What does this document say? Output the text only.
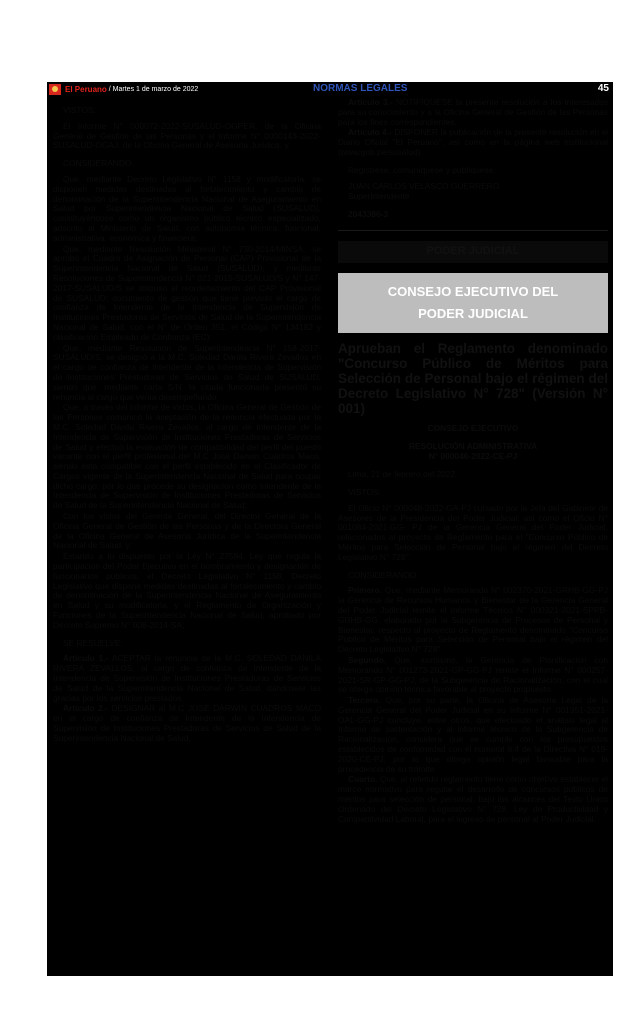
El Peruano / Martes 1 de marzo de 2022	NORMAS LEGALES	45

VISTOS:

El Informe N° 000072-2022-SUSALUD-OGPER, de la Oficina General de Gestión de las Personas y el Informe N° 0000143-2022-SUSALUD-OGAJ, de la Oficina General de Asesoría Jurídica, y;

CONSIDERANDO:

Que, mediante Decreto Legislativo N° 1158 y modificatoria, se disponen medidas destinadas al fortalecimiento y cambio de denominación de la Superintendencia Nacional de Aseguramiento en Salud por Superintendencia Nacional de Salud (SUSALUD), constituyéndose como un organismo público técnico especializado, adscrito al Ministerio de Salud, con autonomía técnica, funcional, administrativa, económica y financiera;

Que, mediante Resolución Ministerial N° 730-2014/MINSA, se aprobó el Cuadro de Asignación de Personal (CAP) Provisional de la Superintendencia Nacional de Salud (SUSALUD), y mediante Resoluciones de Superintendencia N° 021-2015-SUSALUD/S y N° 147-2017-SUSALUD/S se dispuso el reordenamiento del CAP Provisional de SUSALUD; documento de gestión que tiene previsto el cargo de confianza de Intendente de la Intendencia de Supervisión de Instituciones Prestadoras de Servicios de Salud de la Superintendencia Nacional de Salud, con el N° de Orden 351, el Código N° 134182 y clasificación Empleado de Confianza (EC);

Que, mediante Resolución de Superintendencia N° 158-2017-SUSALUD/S, se designó a la M.C. Soledad Danila Rivera Zevallos en el cargo de confianza de Intendente de la Intendencia de Supervisión de Instituciones Prestadoras de Servicios de Salud de SUSALUD; siendo que, mediante carta S/N, la citada funcionaria presentó su renuncia al cargo que venía desempeñando;

Que, a través del Informe de vistos, la Oficina General de Gestión de las Personas comunicó la aceptación de la renuncia efectuada por la M.C. Soledad Danila Rivera Zevallos, al cargo de Intendente de la Intendencia de Supervisión de Instituciones Prestadoras de Servicios de Salud y efectuó la evaluación de compatibilidad del perfil del puesto vacante con el perfil profesional del M.C José Darwin Cuadros Maco, siendo esta compatible con el perfil establecido en el Clasificador de Cargos vigente de la Superintendencia Nacional de Salud para ocupar dicho cargo; por lo que procede su designación como Intendente de la Intendencia de Supervisión de Instituciones Prestadoras de Servicios de Salud de la Superintendencia Nacional de Salud;

Con los vistos del Gerente General, del Director General de la Oficina General de Gestión de las Personas y de la Directora General de la Oficina General de Asesoría Jurídica de la Superintendencia Nacional de Salud, y;

Estando a lo dispuesto por la Ley N° 27594, Ley que regula la participación del Poder Ejecutivo en el nombramiento y designación de funcionarios públicos, el Decreto Legislativo N° 1158, Decreto Legislativo que dispone medidas destinadas al fortalecimiento y cambio de denominación de la Superintendencia Nacional de Aseguramiento en Salud y su modificatoria, y el Reglamento de Organización y Funciones de la Superintendencia Nacional de Salud, aprobado por Decreto Supremo N° 008-2014-SA;

SE RESUELVE:

Artículo 1.- ACEPTAR la renuncia de la M.C. SOLEDAD DANILA RIVERA ZEVALLOS, al cargo de confianza de Intendente de la Intendencia de Supervisión de Instituciones Prestadoras de Servicios de Salud de la Superintendencia Nacional de Salud, dándosele las gracias por los servicios prestados.

Artículo 2.- DESIGNAR al M.C JOSÉ DARWIN CUADROS MACO en el cargo de confianza de Intendente de la Intendencia de Supervisión de Instituciones Prestadoras de Servicios de Salud de la Superintendencia Nacional de Salud.

Artículo 3.- NOTIFÍQUESE la presente resolución a los interesados para su conocimiento y a la Oficina General de Gestión de las Personas para los fines correspondientes.

Artículo 4.- DISPONER la publicación de la presente resolución en el Diario Oficial "El Peruano", así como en la página web institucional (www.gob.pe/susalud).

Regístrese, comuníquese y publíquese.

JUAN CARLOS VELASCO GUERRERO

Superintendente

2043386-3

PODER JUDICIAL
CONSEJO EJECUTIVO DEL
PODER JUDICIAL

Aprueban el Reglamento denominado "Concurso Público de Méritos para Selección de Personal bajo el régimen del Decreto Legislativo N° 728" (Versión N° 001)

CONSEJO EJECUTIVO

RESOLUCIÓN ADMINISTRATIVA

N° 000046-2022-CE-PJ

Lima, 21 de febrero del 2022

VISTOS:

El Oficio N° 000048-2022-GA-PJ cursado por la Jefa del Gabinete de Asesores de la Presidencia del Poder Judicial; así como el Oficio N° 001084-2021-GG- PJ de la Gerencia General del Poder Judicial, relacionados al proyecto de Reglamento para el "Concurso Público de Méritos para Selección de Personal bajo el régimen del Decreto Legislativo N° 728".

CONSIDERANDO:

Primero. Que, mediante Memorando N° 002370-2021-GRHB-GG-PJ la Gerencia de Recursos Humanos y Bienestar de la Gerencia General del Poder Judicial remite el Informe Técnico N° 000321-2021-SPPB-GRHB-GG, elaborado por la Subgerencia de Procesos de Personal y Bienestar, respecto al proyecto de Reglamento denominado "Concurso Público de Méritos para Selección de Personal bajo el régimen del Decreto Legislativo N° 728".

Segundo. Que, asimismo, la Gerencia de Planificación con Memorando N° 001273-2021-GP-GG-PJ remite el Informe N° 000257-2021-SR-GP-GG-PJ, de la Subgerencia de Racionalización, con el cual se otorga opinión técnica favorable al proyecto propuesto.

Tercero. Que, por su parte, la Oficina de Asesoría Legal de la Gerencia General del Poder Judicial en su Informe N° 001351-2021-OAL-GG-PJ concluye, entre otros, que efectuado el análisis legal al Informe de sustentación y al informe técnico de la Subgerencia de Racionalización, considera que se cumple con los presupuestos establecidos de conformidad con el numeral 8.4 de la Directiva N° 019-2020-CE-PJ; por lo que otorga opinión legal favorable para la procedencia de su trámite.

Cuarto. Que, el referido reglamento tiene como objetivo establecer el marco normativo para regular el desarrollo de concursos públicos de méritos para selección de personal, bajo los alcances del Texto Único Ordenado del Decreto Legislativo N° 728, Ley de Productividad y Competitividad Laboral, para el ingreso de personal al Poder Judicial.
